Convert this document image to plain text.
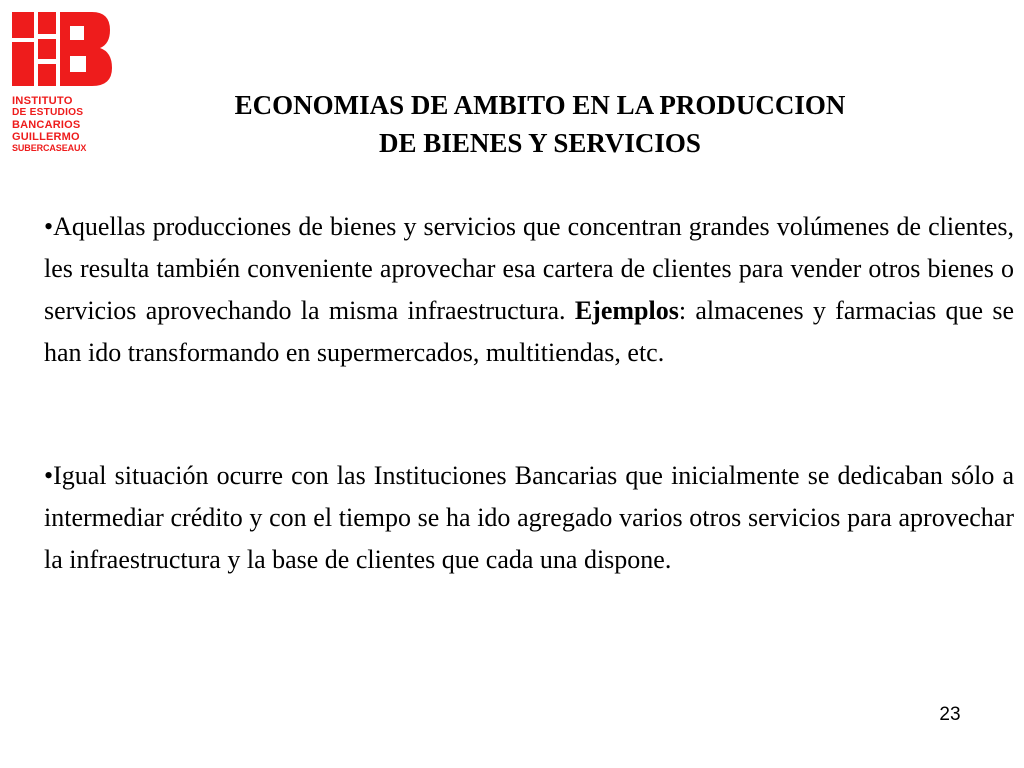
INSTITUTO
DE ESTUDIOS
BANCARIOS
GUILLERMO
SUBERCASEAUX
ECONOMIAS DE AMBITO EN LA PRODUCCION
DE BIENES Y SERVICIOS

•Aquellas producciones de bienes y servicios que concentran grandes volúmenes de clientes, les resulta también conveniente aprovechar esa cartera de clientes para vender otros bienes o servicios aprovechando la misma infraestructura. Ejemplos: almacenes y farmacias que se han ido transformando en supermercados, multitiendas, etc.

•Igual situación ocurre con las Instituciones Bancarias que inicialmente se dedicaban sólo a intermediar crédito y con el tiempo se ha ido agregado varios otros servicios para aprovechar la infraestructura y la base de clientes que cada una dispone.

23
